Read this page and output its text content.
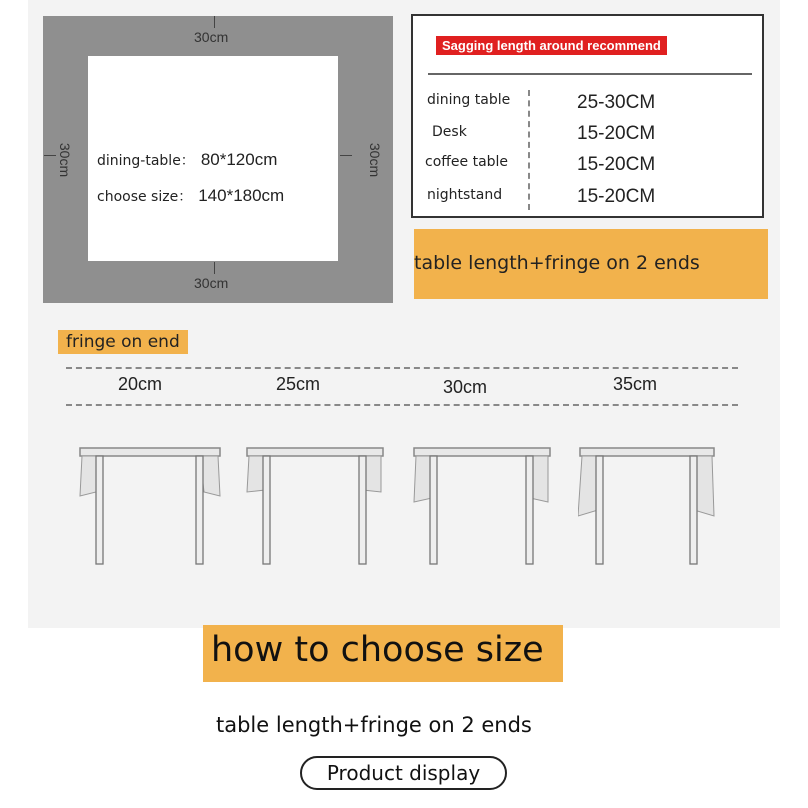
30cm
30cm
30cm	30cm
dining-table： 80*120cm
choose size： 140*180cm
Sagging length around recommend
dining table	25-30CM
Desk	15-20CM
coffee table	15-20CM
nightstand	15-20CM
table length+fringe on 2 ends
fringe on end
20cm	25cm	30cm	35cm
how to choose size
table length+fringe on 2 ends
Product display
